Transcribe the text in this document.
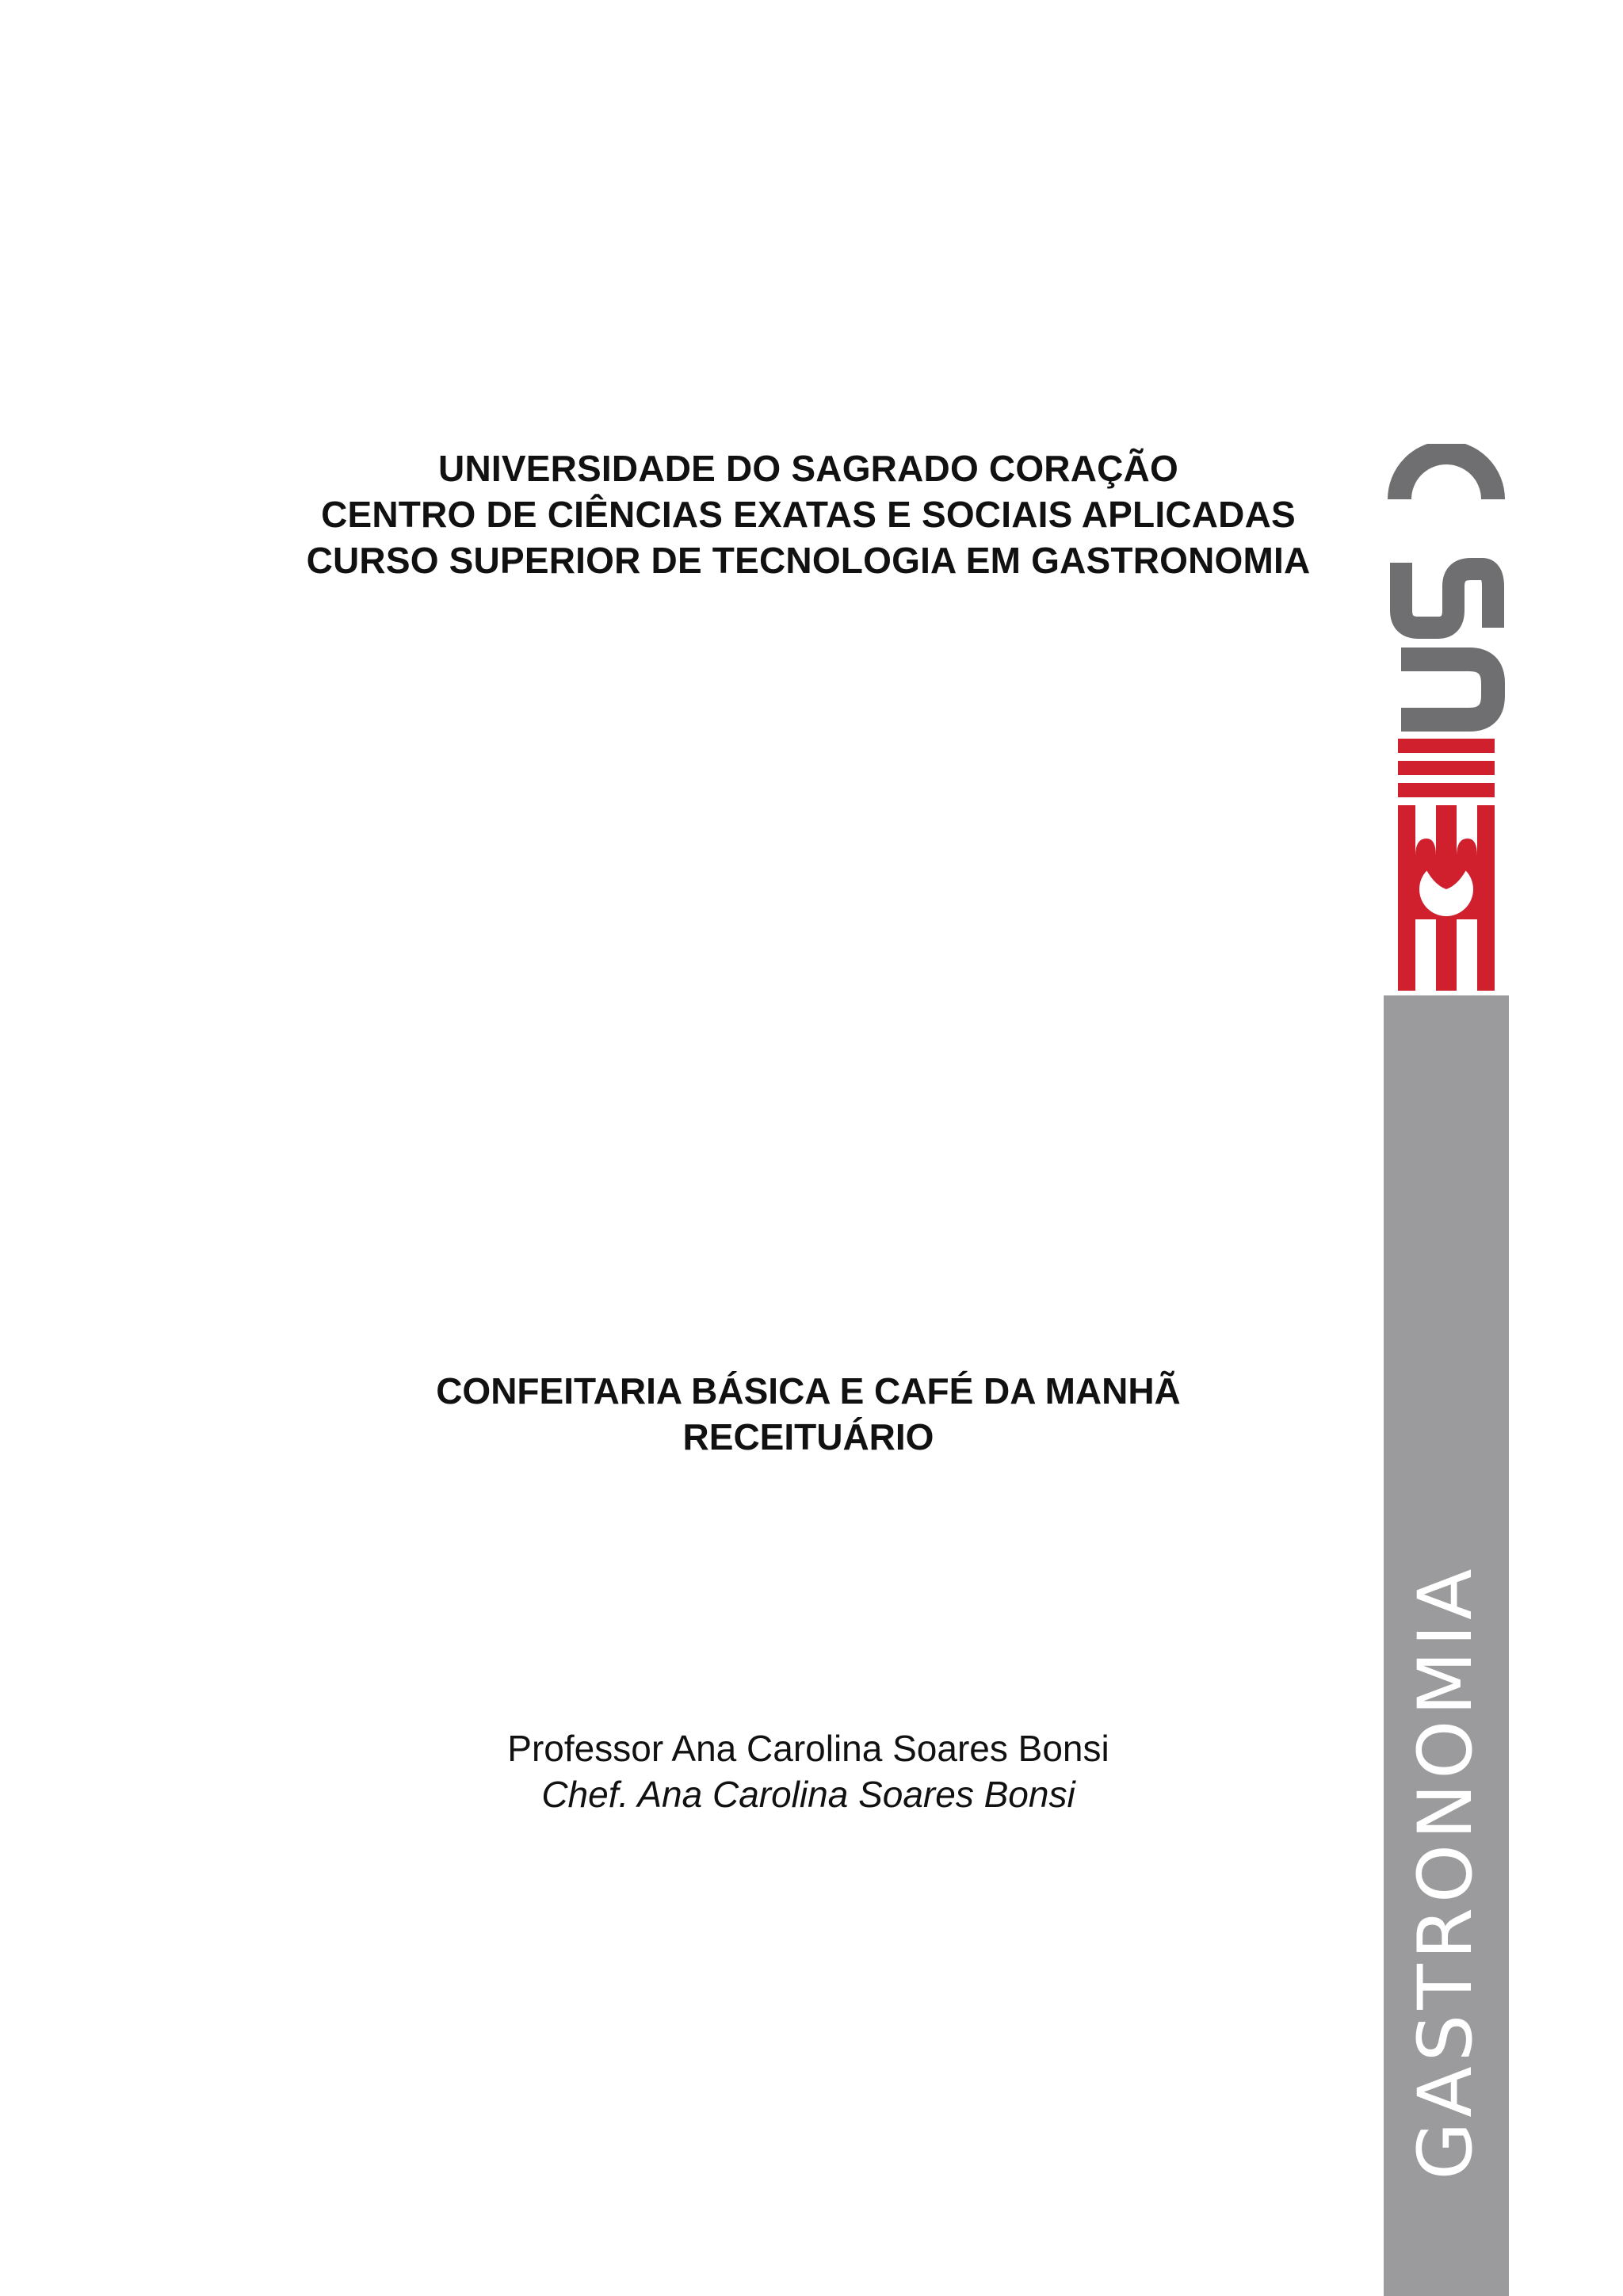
UNIVERSIDADE DO SAGRADO CORAÇÃO
CENTRO DE CIÊNCIAS EXATAS E SOCIAIS APLICADAS
CURSO SUPERIOR DE TECNOLOGIA EM GASTRONOMIA
CONFEITARIA BÁSICA E CAFÉ DA MANHÃ
RECEITUÁRIO
Professor Ana Carolina Soares Bonsi
Chef. Ana Carolina Soares Bonsi	GASTRONOMIA
